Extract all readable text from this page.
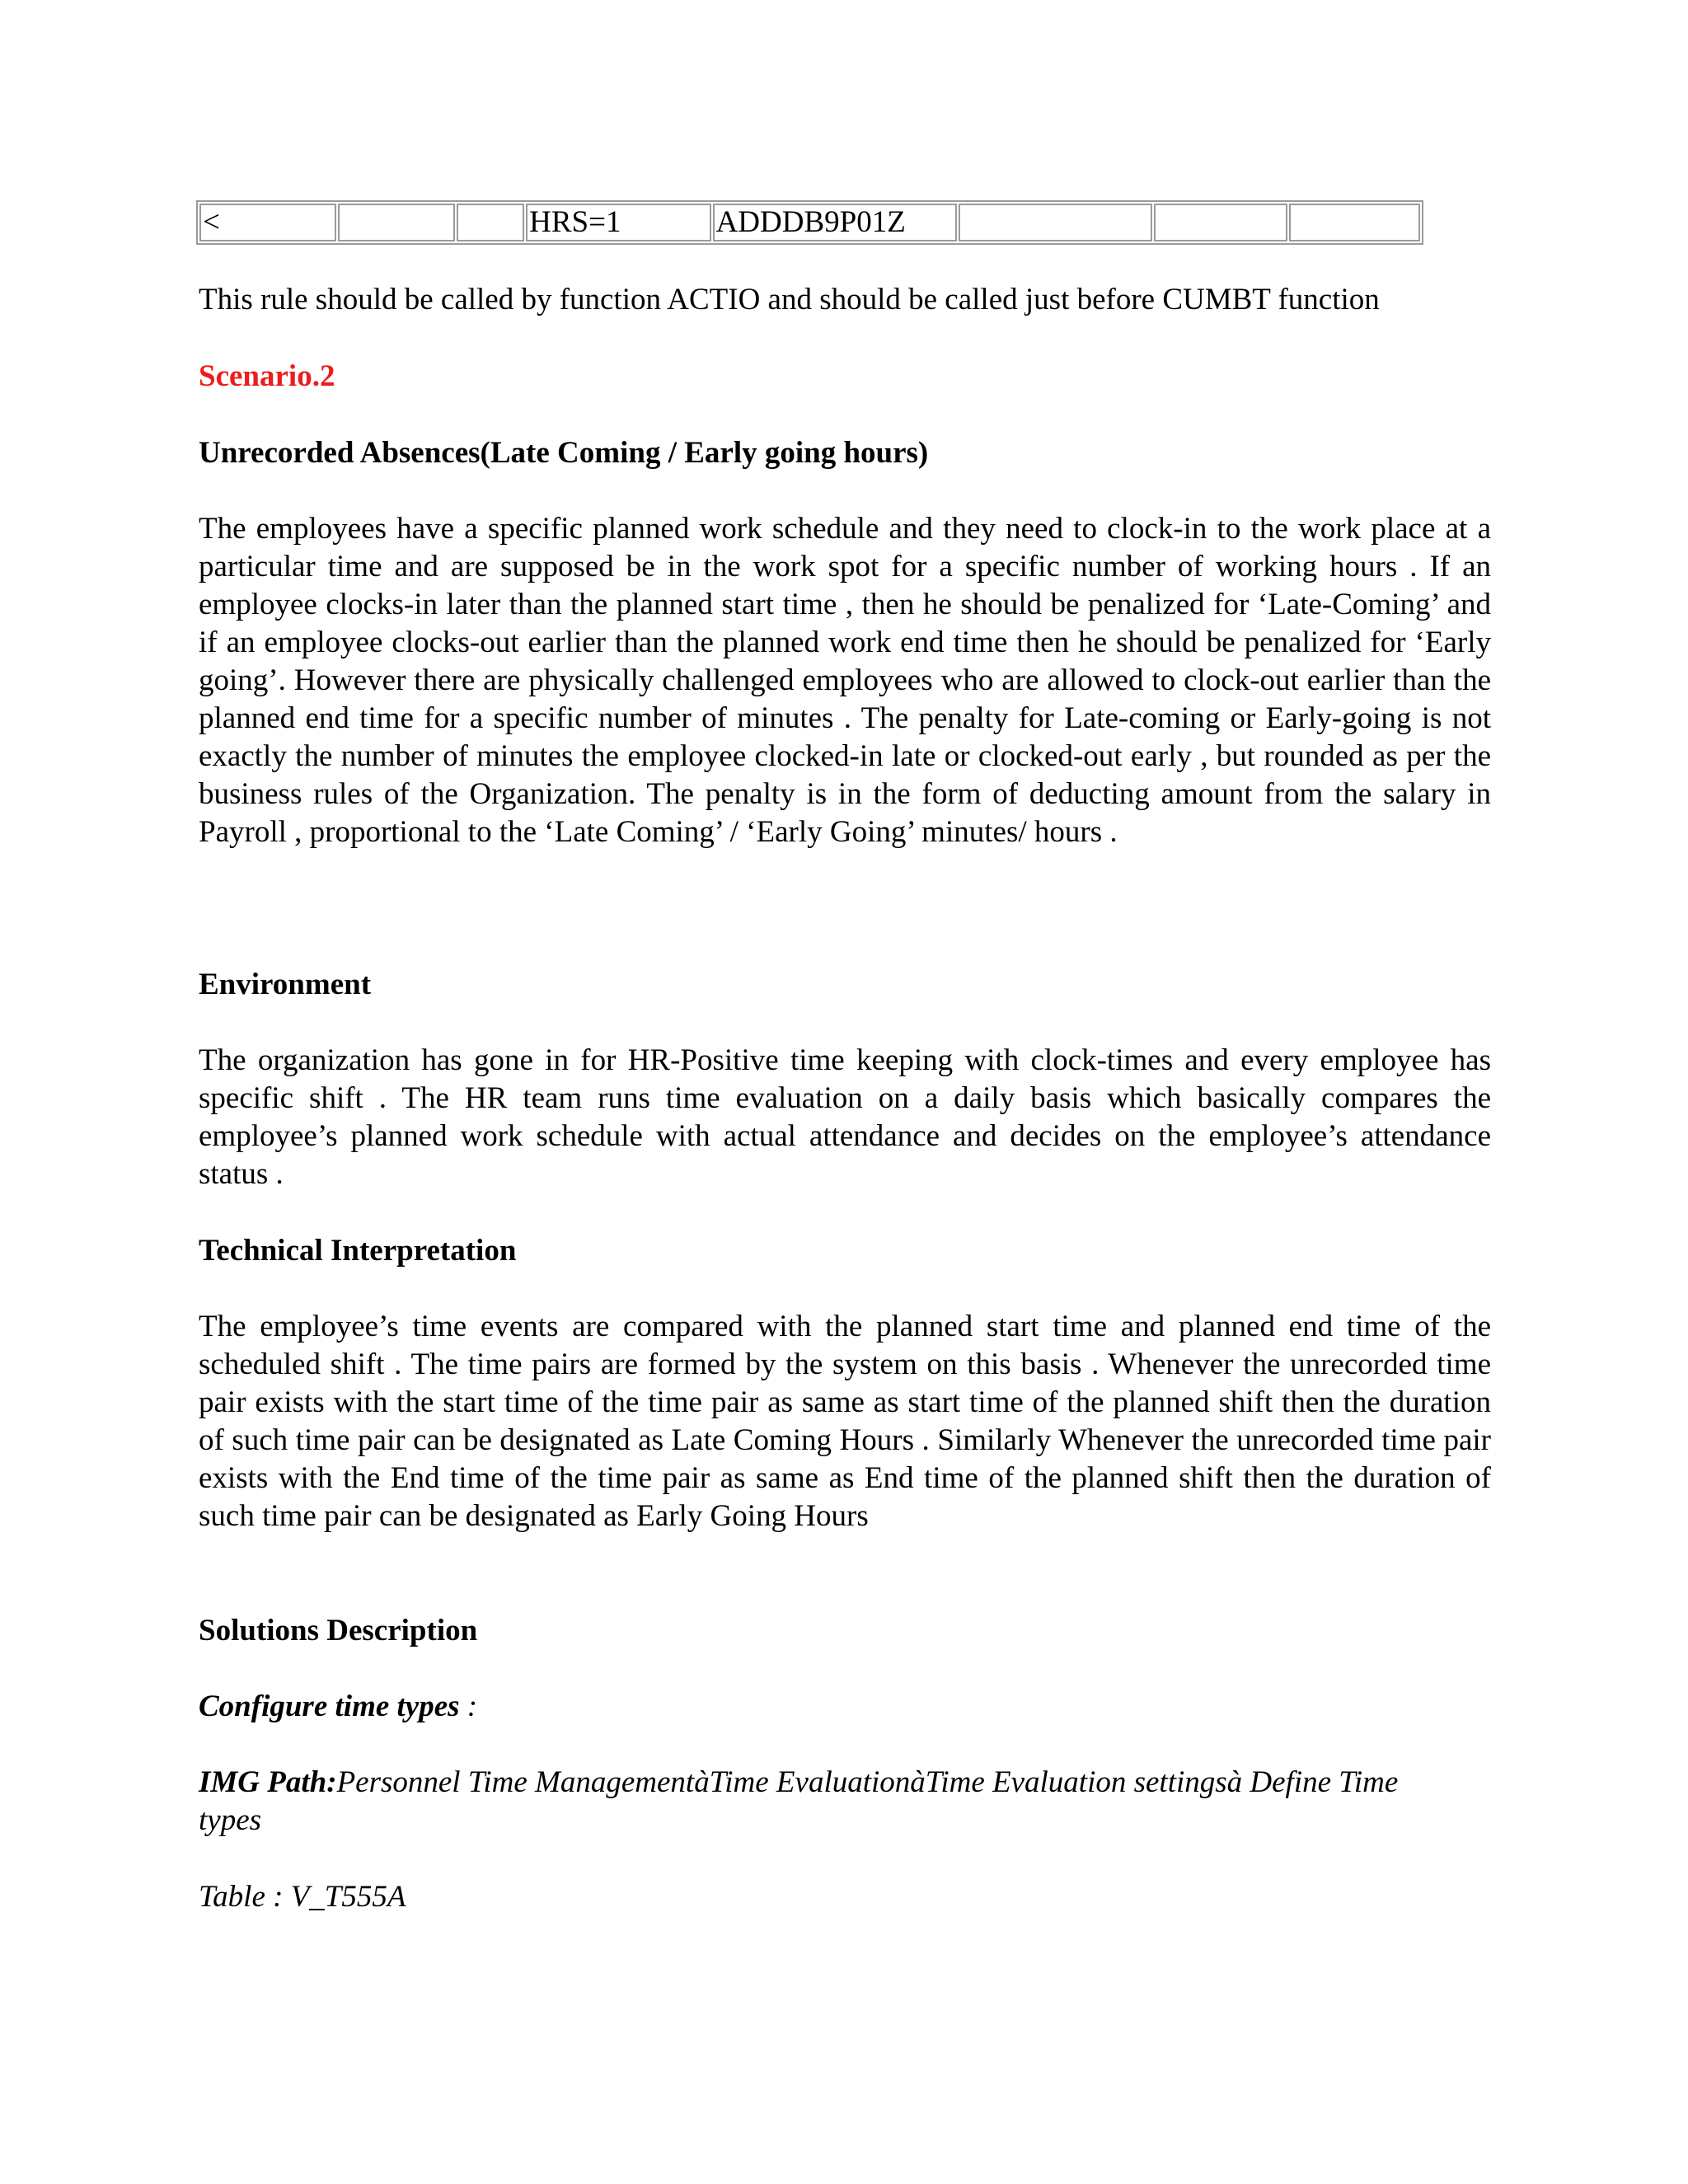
<			HRS=1	ADDDB9P01Z			

This rule should be called by function ACTIO and should be called just before CUMBT function

Scenario.2

Unrecorded Absences(Late Coming / Early going hours)

The employees have a specific planned work schedule and they need to clock-in to the work place at a particular time and are supposed be in the work spot for a specific number of working hours . If an employee clocks-in later than the planned start time , then he should be penalized for ‘Late-Coming’ and if an employee clocks-out earlier than the planned work end time then he should be penalized for ‘Early going’. However there are physically challenged employees who are allowed to clock-out earlier than the planned end time for a specific number of minutes . The penalty for Late-coming or Early-going is not exactly the number of minutes the employee clocked-in late or clocked-out early , but rounded as per the business rules of the Organization. The penalty is in the form of deducting amount from the salary in Payroll , proportional to the ‘Late Coming’ / ‘Early Going’ minutes/ hours .

Environment

The organization has gone in for HR-Positive time keeping with clock-times and every employee has specific shift . The HR team runs time evaluation on a daily basis which basically compares the employee’s planned work schedule with actual attendance and decides on the employee’s attendance status .

Technical Interpretation

The employee’s time events are compared with the planned start time and planned end time of the scheduled shift . The time pairs are formed by the system on this basis . Whenever the unrecorded time pair exists with the start time of the time pair as same as start time of the planned shift then the duration of such time pair can be designated as Late Coming Hours . Similarly Whenever the unrecorded time pair exists with the End time of the time pair as same as End time of the planned shift then the duration of such time pair can be designated as Early Going Hours

Solutions Description

Configure time types :

IMG Path:Personnel Time ManagementàTime EvaluationàTime Evaluation settingsà Define Time types

Table : V_T555A
